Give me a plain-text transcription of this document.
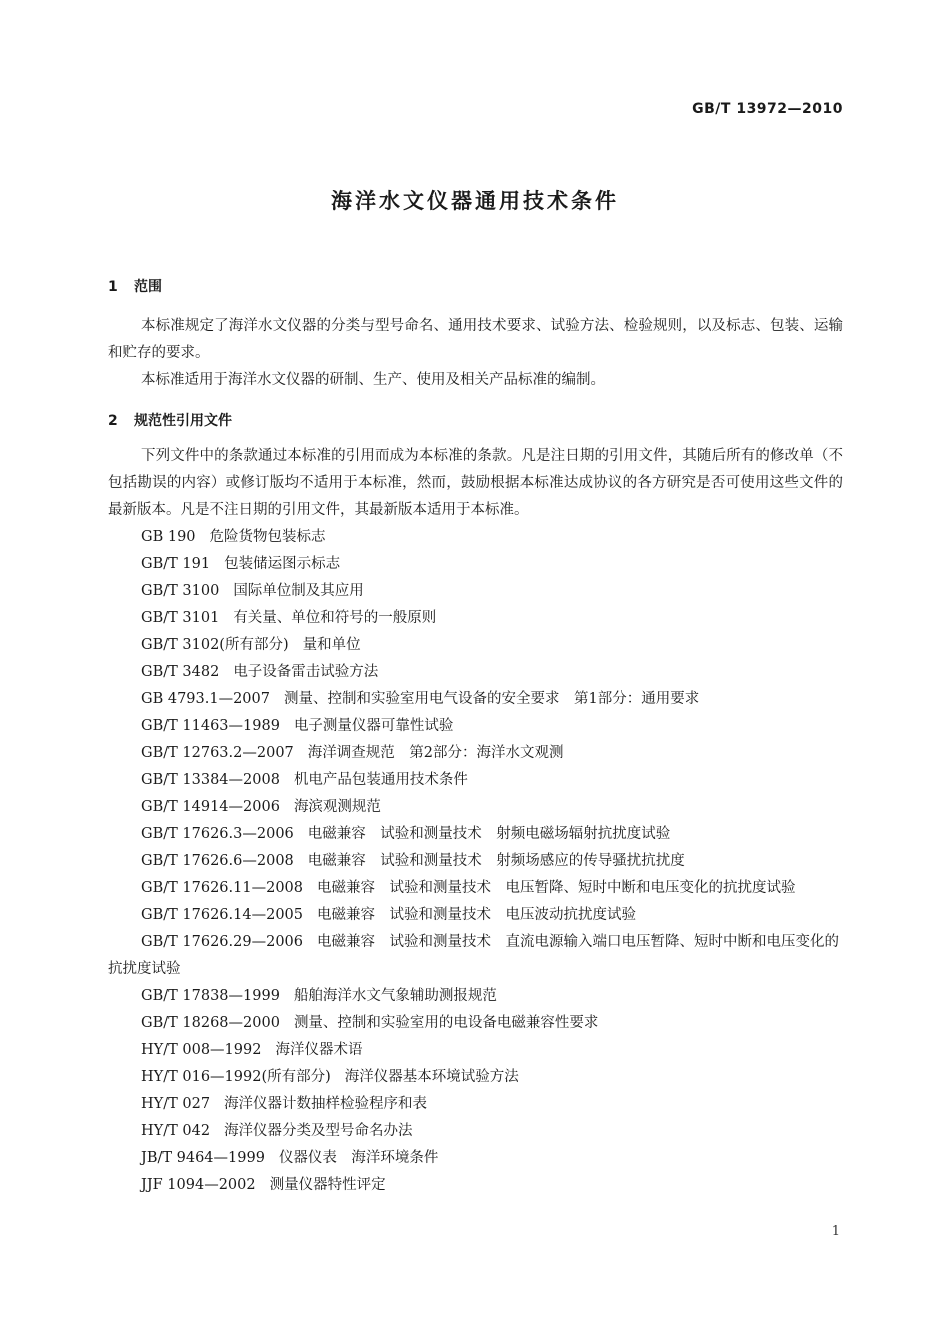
GB/T 13972—2010
海洋水文仪器通用技术条件
1 范围

本标准规定了海洋水文仪器的分类与型号命名、通用技术要求、试验方法、检验规则，以及标志、包装、运输和贮存的要求。

本标准适用于海洋水文仪器的研制、生产、使用及相关产品标准的编制。

2 规范性引用文件

下列文件中的条款通过本标准的引用而成为本标准的条款。凡是注日期的引用文件，其随后所有的修改单（不包括勘误的内容）或修订版均不适用于本标准，然而，鼓励根据本标准达成协议的各方研究是否可使用这些文件的最新版本。凡是不注日期的引用文件，其最新版本适用于本标准。

GB 190 危险货物包装标志
GB/T 191 包装储运图示标志
GB/T 3100 国际单位制及其应用
GB/T 3101 有关量、单位和符号的一般原则
GB/T 3102(所有部分) 量和单位
GB/T 3482 电子设备雷击试验方法
GB 4793.1—2007 测量、控制和实验室用电气设备的安全要求　第1部分：通用要求
GB/T 11463—1989 电子测量仪器可靠性试验
GB/T 12763.2—2007 海洋调查规范　第2部分：海洋水文观测
GB/T 13384—2008 机电产品包装通用技术条件
GB/T 14914—2006 海滨观测规范
GB/T 17626.3—2006 电磁兼容　试验和测量技术　射频电磁场辐射抗扰度试验
GB/T 17626.6—2008 电磁兼容　试验和测量技术　射频场感应的传导骚扰抗扰度
GB/T 17626.11—2008 电磁兼容　试验和测量技术　电压暂降、短时中断和电压变化的抗扰度试验
GB/T 17626.14—2005 电磁兼容　试验和测量技术　电压波动抗扰度试验
GB/T 17626.29—2006 电磁兼容　试验和测量技术　直流电源输入端口电压暂降、短时中断和电压变化的抗扰度试验
GB/T 17838—1999 船舶海洋水文气象辅助测报规范
GB/T 18268—2000 测量、控制和实验室用的电设备电磁兼容性要求
HY/T 008—1992 海洋仪器术语
HY/T 016—1992(所有部分) 海洋仪器基本环境试验方法
HY/T 027 海洋仪器计数抽样检验程序和表
HY/T 042 海洋仪器分类及型号命名办法
JB/T 9464—1999 仪器仪表　海洋环境条件
JJF 1094—2002 测量仪器特性评定
1
